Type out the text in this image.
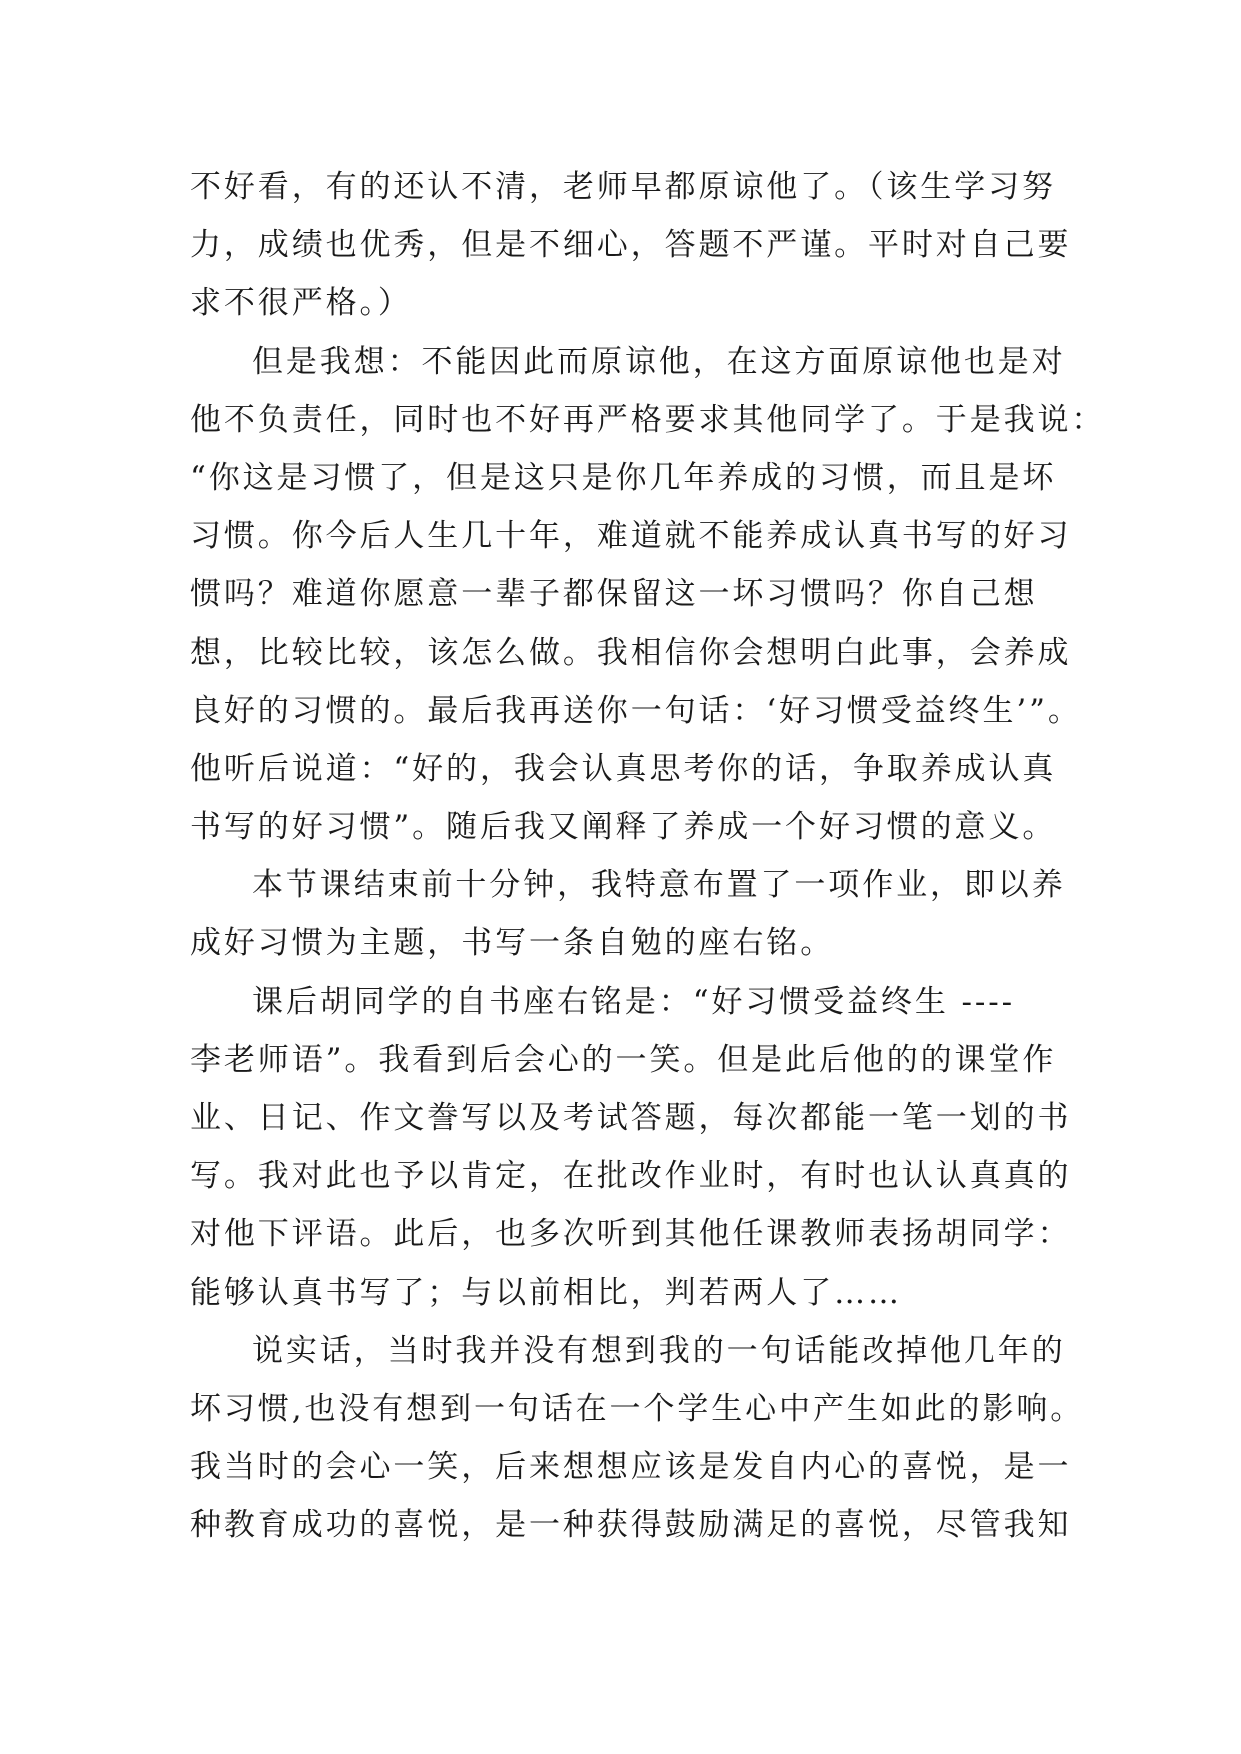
不好看，有的还认不清，老师早都原谅他了。（该生学习努
力，成绩也优秀，但是不细心，答题不严谨。平时对自己要
求不很严格。）
但是我想：不能因此而原谅他，在这方面原谅他也是对
他不负责任，同时也不好再严格要求其他同学了。于是我说：
“你这是习惯了，但是这只是你几年养成的习惯，而且是坏
习惯。你今后人生几十年，难道就不能养成认真书写的好习
惯吗？难道你愿意一辈子都保留这一坏习惯吗？你自己想
想，比较比较，该怎么做。我相信你会想明白此事，会养成
良好的习惯的。最后我再送你一句话：‘好习惯受益终生’”。
他听后说道：“好的，我会认真思考你的话，争取养成认真
书写的好习惯”。随后我又阐释了养成一个好习惯的意义。
本节课结束前十分钟，我特意布置了一项作业，即以养
成好习惯为主题，书写一条自勉的座右铭。
课后胡同学的自书座右铭是：“好习惯受益终生 ----
李老师语”。我看到后会心的一笑。但是此后他的的课堂作
业、日记、作文誊写以及考试答题，每次都能一笔一划的书
写。我对此也予以肯定，在批改作业时，有时也认认真真的
对他下评语。此后，也多次听到其他任课教师表扬胡同学：
能够认真书写了；与以前相比，判若两人了……
说实话，当时我并没有想到我的一句话能改掉他几年的
坏习惯,也没有想到一句话在一个学生心中产生如此的影响。
我当时的会心一笑，后来想想应该是发自内心的喜悦，是一
种教育成功的喜悦，是一种获得鼓励满足的喜悦，尽管我知
